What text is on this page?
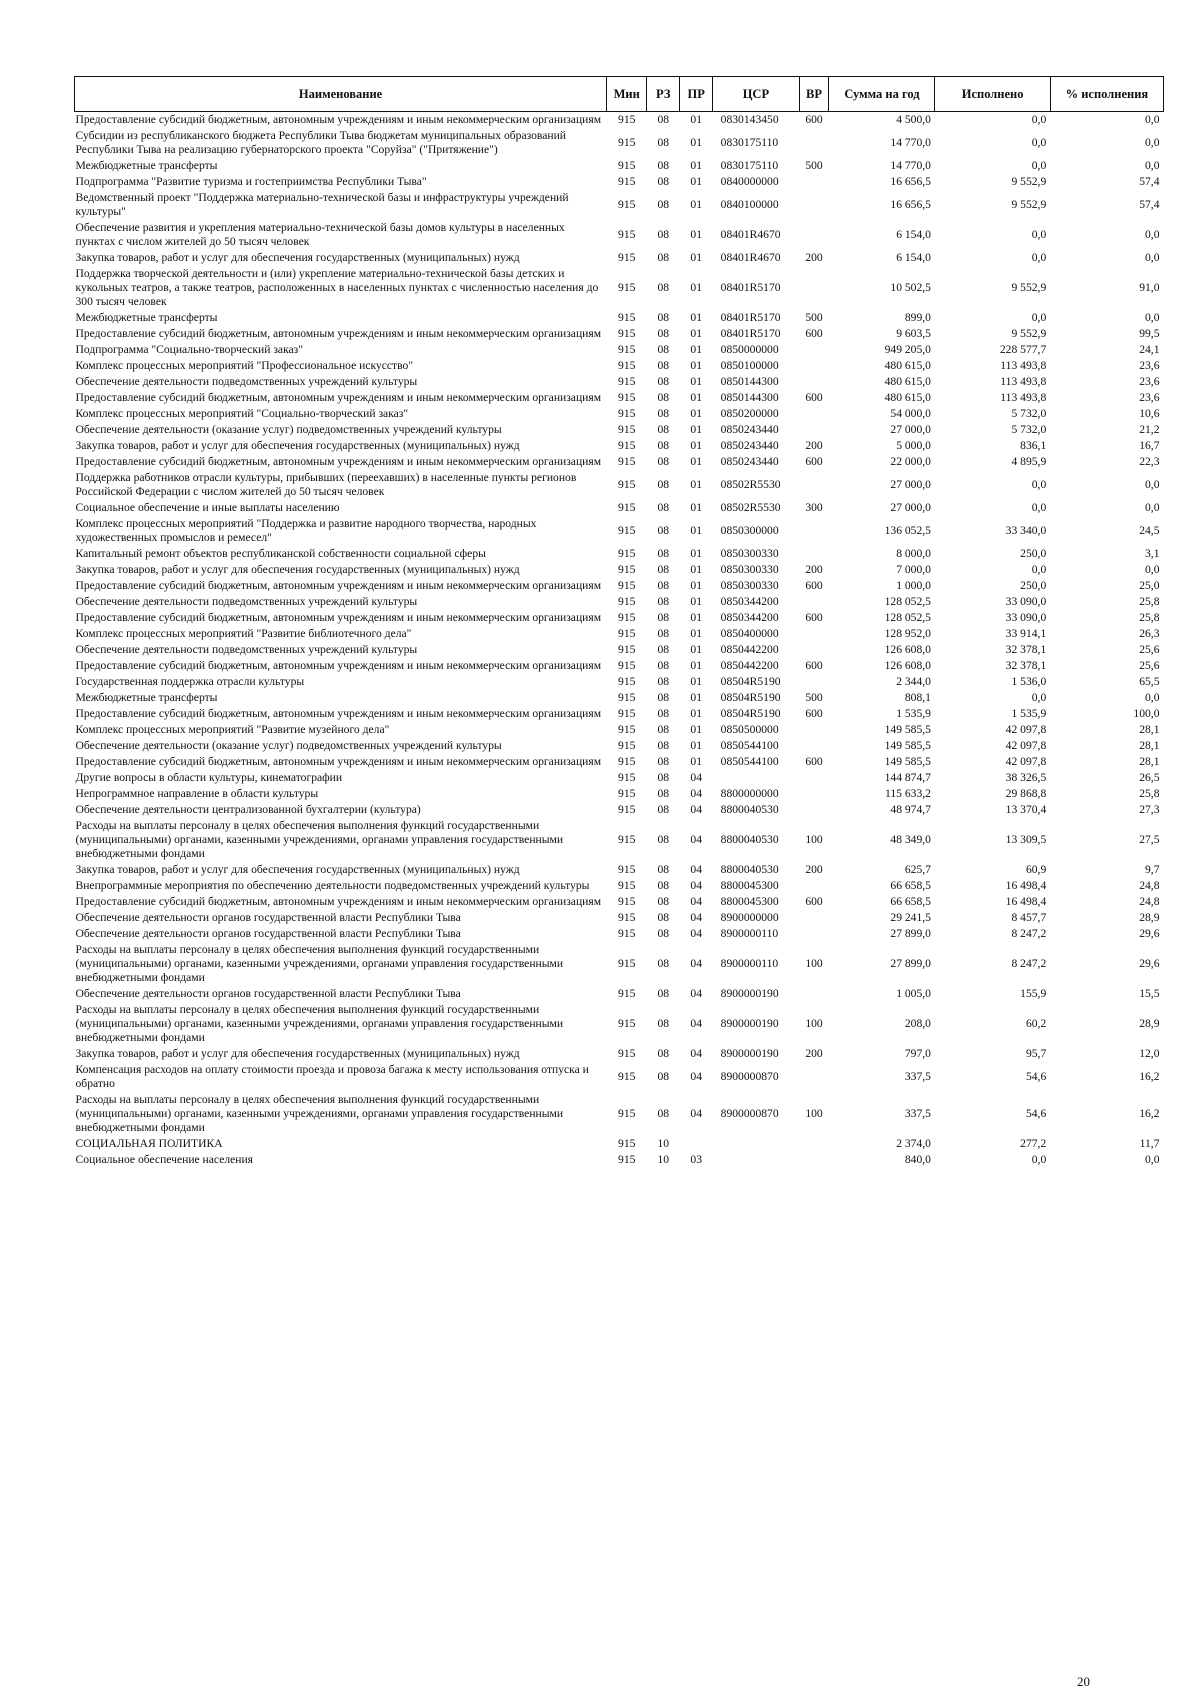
Наименование	Мин	РЗ	ПР	ЦСР	ВР	Сумма на год	Исполнено	% исполнения
Предоставление субсидий бюджетным, автономным учреждениям и иным некоммерческим организациям	915	08	01	0830143450	600	4 500,0	0,0	0,0
Субсидии из республиканского бюджета Республики Тыва бюджетам муниципальных образований Республики Тыва на реализацию губернаторского проекта "Соруйза" ("Притяжение")	915	08	01	0830175110		14 770,0	0,0	0,0
Межбюджетные трансферты	915	08	01	0830175110	500	14 770,0	0,0	0,0
Подпрограмма "Развитие туризма и гостеприимства Республики Тыва"	915	08	01	0840000000		16 656,5	9 552,9	57,4
Ведомственный проект "Поддержка материально-технической базы и инфраструктуры учреждений культуры"	915	08	01	0840100000		16 656,5	9 552,9	57,4
Обеспечение развития и укрепления материально-технической базы домов культуры в населенных пунктах с числом жителей до 50 тысяч человек	915	08	01	08401R4670		6 154,0	0,0	0,0
Закупка товаров, работ и услуг для обеспечения государственных (муниципальных) нужд	915	08	01	08401R4670	200	6 154,0	0,0	0,0
Поддержка творческой деятельности и (или) укрепление материально-технической базы детских и кукольных театров, а также театров, расположенных в населенных пунктах с численностью населения до 300 тысяч человек	915	08	01	08401R5170		10 502,5	9 552,9	91,0
Межбюджетные трансферты	915	08	01	08401R5170	500	899,0	0,0	0,0
Предоставление субсидий бюджетным, автономным учреждениям и иным некоммерческим организациям	915	08	01	08401R5170	600	9 603,5	9 552,9	99,5
Подпрограмма "Социально-творческий заказ"	915	08	01	0850000000		949 205,0	228 577,7	24,1
Комплекс процессных мероприятий "Профессиональное искусство"	915	08	01	0850100000		480 615,0	113 493,8	23,6
Обеспечение деятельности подведомственных учреждений культуры	915	08	01	0850144300		480 615,0	113 493,8	23,6
Предоставление субсидий бюджетным, автономным учреждениям и иным некоммерческим организациям	915	08	01	0850144300	600	480 615,0	113 493,8	23,6
Комплекс процессных мероприятий "Социально-творческий заказ"	915	08	01	0850200000		54 000,0	5 732,0	10,6
Обеспечение деятельности (оказание услуг) подведомственных учреждений культуры	915	08	01	0850243440		27 000,0	5 732,0	21,2
Закупка товаров, работ и услуг для обеспечения государственных (муниципальных) нужд	915	08	01	0850243440	200	5 000,0	836,1	16,7
Предоставление субсидий бюджетным, автономным учреждениям и иным некоммерческим организациям	915	08	01	0850243440	600	22 000,0	4 895,9	22,3
Поддержка работников отрасли культуры, прибывших (переехавших) в населенные пункты регионов Российской Федерации с числом жителей до 50 тысяч человек	915	08	01	08502R5530		27 000,0	0,0	0,0
Социальное обеспечение и иные выплаты населению	915	08	01	08502R5530	300	27 000,0	0,0	0,0
Комплекс процессных мероприятий "Поддержка и развитие народного творчества, народных художественных промыслов и ремесел"	915	08	01	0850300000		136 052,5	33 340,0	24,5
Капитальный ремонт объектов республиканской собственности социальной сферы	915	08	01	0850300330		8 000,0	250,0	3,1
Закупка товаров, работ и услуг для обеспечения государственных (муниципальных) нужд	915	08	01	0850300330	200	7 000,0	0,0	0,0
Предоставление субсидий бюджетным, автономным учреждениям и иным некоммерческим организациям	915	08	01	0850300330	600	1 000,0	250,0	25,0
Обеспечение деятельности подведомственных учреждений культуры	915	08	01	0850344200		128 052,5	33 090,0	25,8
Предоставление субсидий бюджетным, автономным учреждениям и иным некоммерческим организациям	915	08	01	0850344200	600	128 052,5	33 090,0	25,8
Комплекс процессных мероприятий "Развитие библиотечного дела"	915	08	01	0850400000		128 952,0	33 914,1	26,3
Обеспечение деятельности подведомственных учреждений культуры	915	08	01	0850442200		126 608,0	32 378,1	25,6
Предоставление субсидий бюджетным, автономным учреждениям и иным некоммерческим организациям	915	08	01	0850442200	600	126 608,0	32 378,1	25,6
Государственная поддержка отрасли культуры	915	08	01	08504R5190		2 344,0	1 536,0	65,5
Межбюджетные трансферты	915	08	01	08504R5190	500	808,1	0,0	0,0
Предоставление субсидий бюджетным, автономным учреждениям и иным некоммерческим организациям	915	08	01	08504R5190	600	1 535,9	1 535,9	100,0
Комплекс процессных мероприятий "Развитие музейного дела"	915	08	01	0850500000		149 585,5	42 097,8	28,1
Обеспечение деятельности (оказание услуг) подведомственных учреждений культуры	915	08	01	0850544100		149 585,5	42 097,8	28,1
Предоставление субсидий бюджетным, автономным учреждениям и иным некоммерческим организациям	915	08	01	0850544100	600	149 585,5	42 097,8	28,1
Другие вопросы в области культуры, кинематографии	915	08	04			144 874,7	38 326,5	26,5
Непрограммное направление в области культуры	915	08	04	8800000000		115 633,2	29 868,8	25,8
Обеспечение деятельности централизованной бухгалтерии (культура)	915	08	04	8800040530		48 974,7	13 370,4	27,3
Расходы на выплаты персоналу в целях обеспечения выполнения функций государственными (муниципальными) органами, казенными учреждениями, органами управления государственными внебюджетными фондами	915	08	04	8800040530	100	48 349,0	13 309,5	27,5
Закупка товаров, работ и услуг для обеспечения государственных (муниципальных) нужд	915	08	04	8800040530	200	625,7	60,9	9,7
Внепрограммные мероприятия по обеспечению деятельности подведомственных учреждений культуры	915	08	04	8800045300		66 658,5	16 498,4	24,8
Предоставление субсидий бюджетным, автономным учреждениям и иным некоммерческим организациям	915	08	04	8800045300	600	66 658,5	16 498,4	24,8
Обеспечение деятельности органов государственной власти Республики Тыва	915	08	04	8900000000		29 241,5	8 457,7	28,9
Обеспечение деятельности органов государственной власти Республики Тыва	915	08	04	8900000110		27 899,0	8 247,2	29,6
Расходы на выплаты персоналу в целях обеспечения выполнения функций государственными (муниципальными) органами, казенными учреждениями, органами управления государственными внебюджетными фондами	915	08	04	8900000110	100	27 899,0	8 247,2	29,6
Обеспечение деятельности органов государственной власти Республики Тыва	915	08	04	8900000190		1 005,0	155,9	15,5
Расходы на выплаты персоналу в целях обеспечения выполнения функций государственными (муниципальными) органами, казенными учреждениями, органами управления государственными внебюджетными фондами	915	08	04	8900000190	100	208,0	60,2	28,9
Закупка товаров, работ и услуг для обеспечения государственных (муниципальных) нужд	915	08	04	8900000190	200	797,0	95,7	12,0
Компенсация расходов на оплату стоимости проезда и провоза багажа к месту использования отпуска и обратно	915	08	04	8900000870		337,5	54,6	16,2
Расходы на выплаты персоналу в целях обеспечения выполнения функций государственными (муниципальными) органами, казенными учреждениями, органами управления государственными внебюджетными фондами	915	08	04	8900000870	100	337,5	54,6	16,2
СОЦИАЛЬНАЯ ПОЛИТИКА	915	10				2 374,0	277,2	11,7
Социальное обеспечение населения	915	10	03			840,0	0,0	0,0
20
